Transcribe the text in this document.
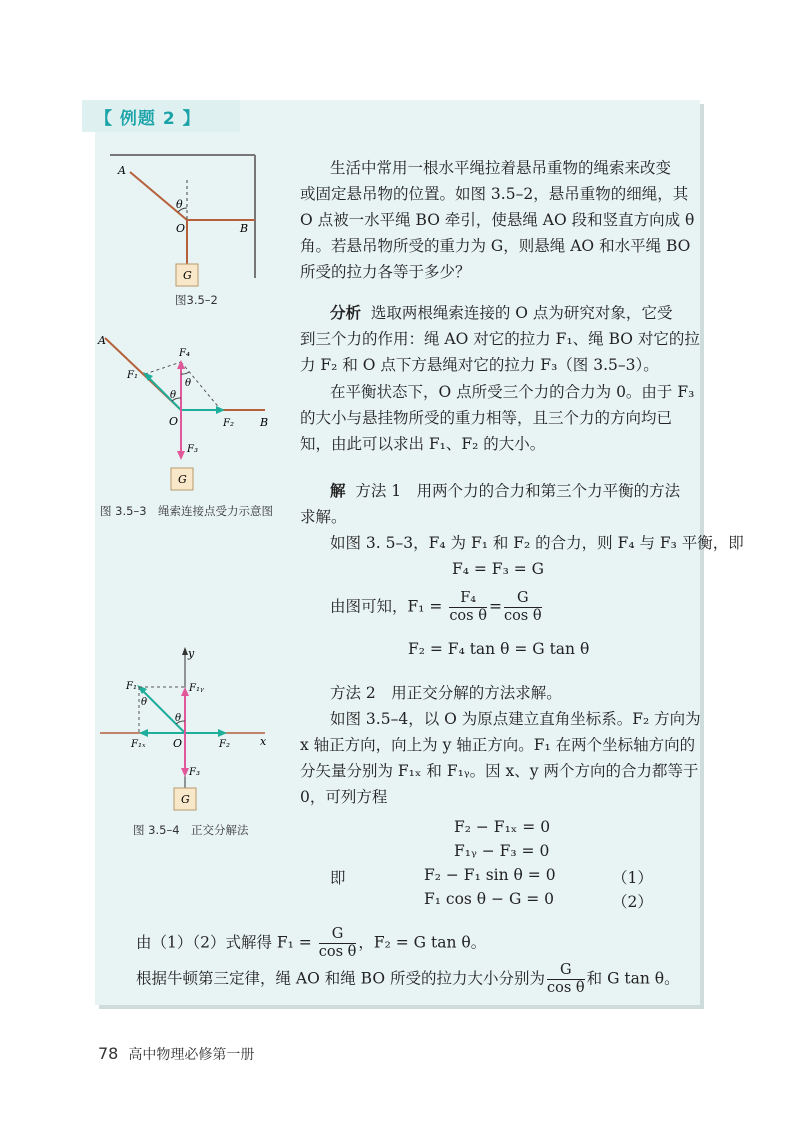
【 例题 2 】
生活中常用一根水平绳拉着悬吊重物的绳索来改变
或固定悬吊物的位置。如图 3.5–2，悬吊重物的细绳，其
O 点被一水平绳 BO 牵引，使悬绳 AO 段和竖直方向成 θ
角。若悬吊物所受的重力为 G，则悬绳 AO 和水平绳 BO
所受的拉力各等于多少？
分析 选取两根绳索连接的 O 点为研究对象，它受
到三个力的作用：绳 AO 对它的拉力 F₁、绳 BO 对它的拉
力 F₂ 和 O 点下方悬绳对它的拉力 F₃（图 3.5–3）。
在平衡状态下，O 点所受三个力的合力为 0。由于 F₃
的大小与悬挂物所受的重力相等，且三个力的方向均已
知，由此可以求出 F₁、F₂ 的大小。
解 方法 1　用两个力的合力和第三个力平衡的方法
求解。
如图 3. 5–3，F₄ 为 F₁ 和 F₂ 的合力，则 F₄ 与 F₃ 平衡，即
F₄ = F₃ = G
由图可知，$F_1 = \frac{\text{F₄}}{\text{cos θ}} = \frac{G}{\text{cos θ}}$
F₂ = F₄ tan θ = G tan θ
方法 2　用正交分解的方法求解。
如图 3.5–4，以 O 为原点建立直角坐标系。F₂ 方向为
x 轴正方向，向上为 y 轴正方向。F₁ 在两个坐标轴方向的
分矢量分别为 F₁ₓ 和 F₁ᵧ。因 x、y 两个方向的合力都等于
0，可列方程
F₂ − F₁ₓ = 0
F₁ᵧ − F₃ = 0
即	F₂ − F₁ sin θ = 0	（1）
F₁ cos θ − G = 0	（2）
由（1）（2）式解得 $F_1 = \frac{G}{\text{cos θ}}$ ，F₂ = G tan θ。
根据牛顿第三定律，绳 AO 和绳 BO 所受的拉力大小分别为 $\frac{G}{\text{cos θ}}$ 和 G tan θ。
A
O	B
θ
G
图3.5–2
A
O	B
F₁
F₂
F₃
F₄
θ
θ
G
图 3.5–3　绳索连接点受力示意图
y
x
O
F₁	F₁ᵧ
F₁ₓ	F₂
F₃
θ
θ
G
图 3.5–4　正交分解法
78 高中物理必修第一册
